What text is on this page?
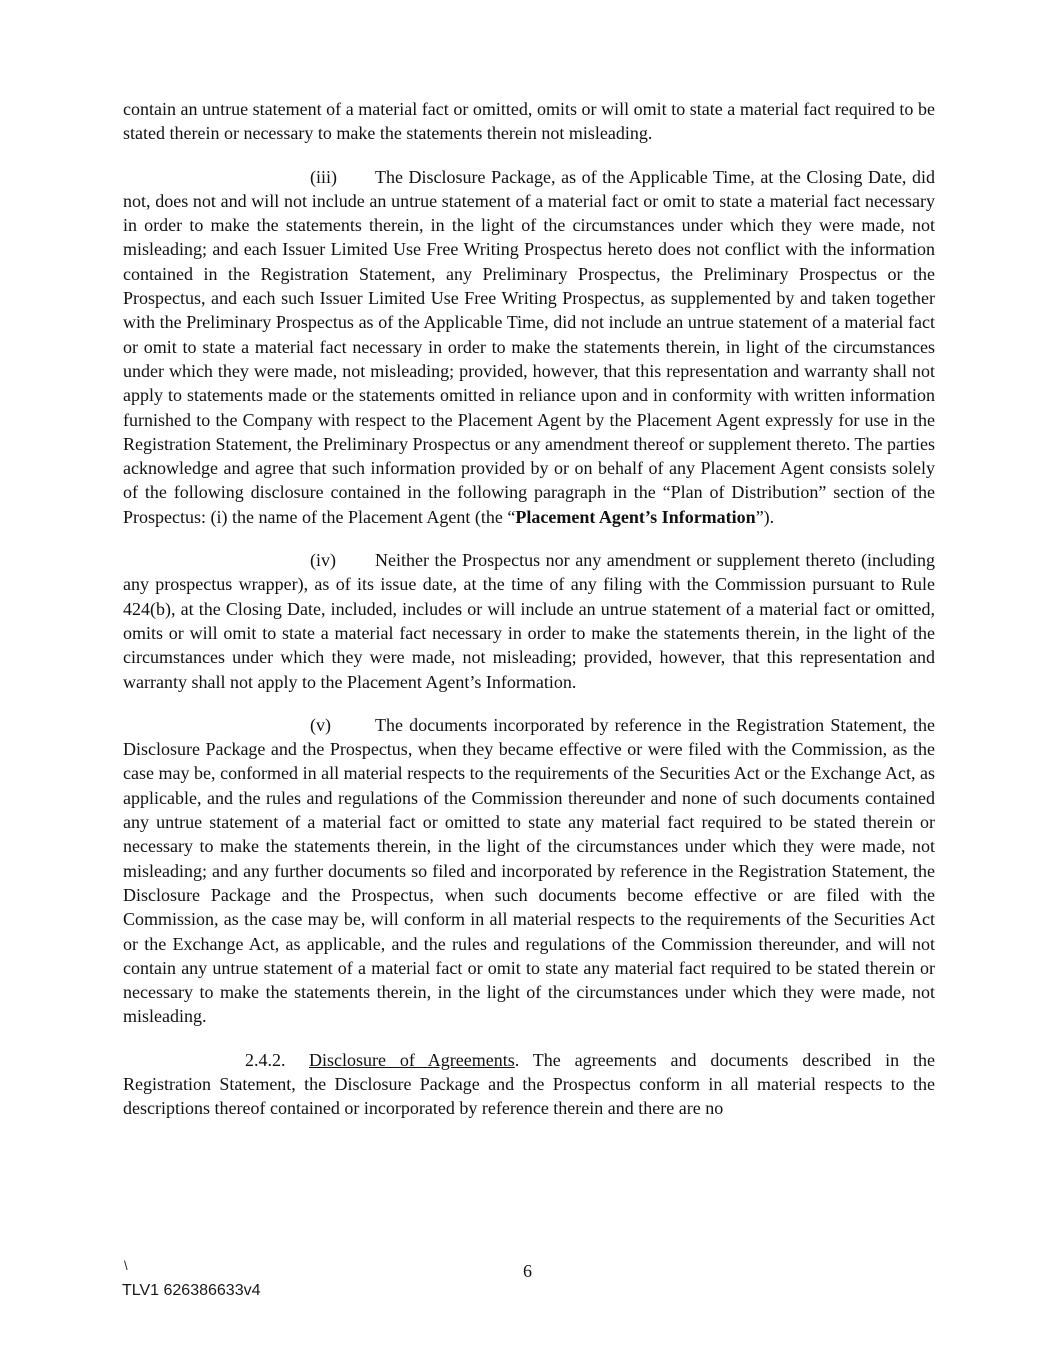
contain an untrue statement of a material fact or omitted, omits or will omit to state a material fact required to be stated therein or necessary to make the statements therein not misleading.

(iii) The Disclosure Package, as of the Applicable Time, at the Closing Date, did not, does not and will not include an untrue statement of a material fact or omit to state a material fact necessary in order to make the statements therein, in the light of the circumstances under which they were made, not misleading; and each Issuer Limited Use Free Writing Prospectus hereto does not conflict with the information contained in the Registration Statement, any Preliminary Prospectus, the Preliminary Prospectus or the Prospectus, and each such Issuer Limited Use Free Writing Prospectus, as supplemented by and taken together with the Preliminary Prospectus as of the Applicable Time, did not include an untrue statement of a material fact or omit to state a material fact necessary in order to make the statements therein, in light of the circumstances under which they were made, not misleading; provided, however, that this representation and warranty shall not apply to statements made or the statements omitted in reliance upon and in conformity with written information furnished to the Company with respect to the Placement Agent by the Placement Agent expressly for use in the Registration Statement, the Preliminary Prospectus or any amendment thereof or supplement thereto. The parties acknowledge and agree that such information provided by or on behalf of any Placement Agent consists solely of the following disclosure contained in the following paragraph in the “Plan of Distribution” section of the Prospectus: (i) the name of the Placement Agent (the “Placement Agent’s Information”).

(iv) Neither the Prospectus nor any amendment or supplement thereto (including any prospectus wrapper), as of its issue date, at the time of any filing with the Commission pursuant to Rule 424(b), at the Closing Date, included, includes or will include an untrue statement of a material fact or omitted, omits or will omit to state a material fact necessary in order to make the statements therein, in the light of the circumstances under which they were made, not misleading; provided, however, that this representation and warranty shall not apply to the Placement Agent’s Information.

(v) The documents incorporated by reference in the Registration Statement, the Disclosure Package and the Prospectus, when they became effective or were filed with the Commission, as the case may be, conformed in all material respects to the requirements of the Securities Act or the Exchange Act, as applicable, and the rules and regulations of the Commission thereunder and none of such documents contained any untrue statement of a material fact or omitted to state any material fact required to be stated therein or necessary to make the statements therein, in the light of the circumstances under which they were made, not misleading; and any further documents so filed and incorporated by reference in the Registration Statement, the Disclosure Package and the Prospectus, when such documents become effective or are filed with the Commission, as the case may be, will conform in all material respects to the requirements of the Securities Act or the Exchange Act, as applicable, and the rules and regulations of the Commission thereunder, and will not contain any untrue statement of a material fact or omit to state any material fact required to be stated therein or necessary to make the statements therein, in the light of the circumstances under which they were made, not misleading.

2.4.2. Disclosure of Agreements. The agreements and documents described in the Registration Statement, the Disclosure Package and the Prospectus conform in all material respects to the descriptions thereof contained or incorporated by reference therein and there are no

\
TLV1 626386633v4
6
